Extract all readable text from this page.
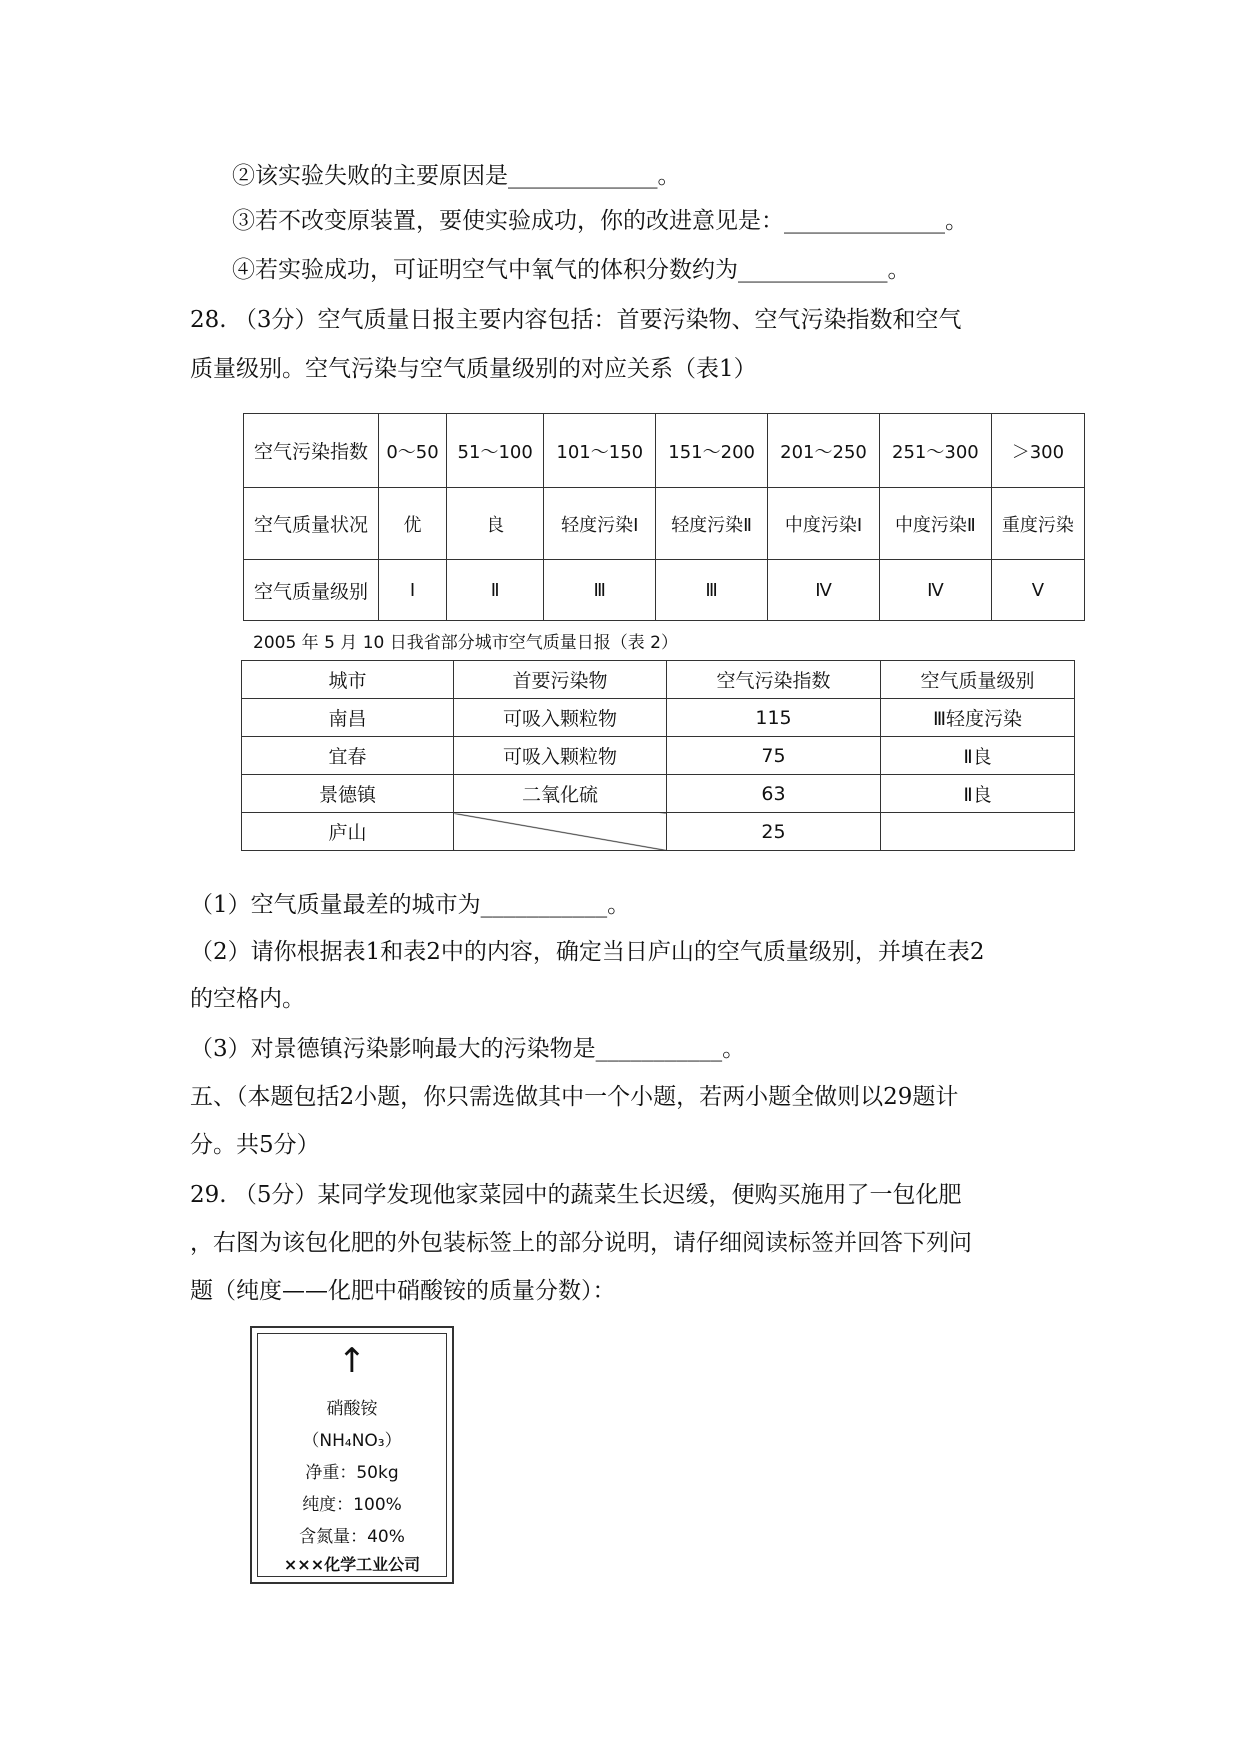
②该实验失败的主要原因是_____________。
③若不改变原装置，要使实验成功，你的改进意见是：______________。
④若实验成功，可证明空气中氧气的体积分数约为_____________。
28. （3分）空气质量日报主要内容包括：首要污染物、空气污染指数和空气
质量级别。空气污染与空气质量级别的对应关系（表1）
空气污染指数	0～50	51～100	101～150	151～200	201～250	251～300	＞300
空气质量状况	优	良	轻度污染Ⅰ	轻度污染Ⅱ	中度污染Ⅰ	中度污染Ⅱ	重度污染
空气质量级别	Ⅰ	Ⅱ	Ⅲ	Ⅲ	Ⅳ	Ⅳ	Ⅴ
2005 年 5 月 10 日我省部分城市空气质量日报（表 2）
城市	首要污染物	空气污染指数	空气质量级别
南昌	可吸入颗粒物	115	Ⅲ轻度污染
宜春	可吸入颗粒物	75	Ⅱ良
景德镇	二氧化硫	63	Ⅱ良
庐山		25	
（1）空气质量最差的城市为___________。
（2）请你根据表1和表2中的内容，确定当日庐山的空气质量级别，并填在表2
的空格内。
（3）对景德镇污染影响最大的污染物是___________。
五、（本题包括2小题，你只需选做其中一个小题，若两小题全做则以29题计
分。共5分）
29. （5分）某同学发现他家菜园中的蔬菜生长迟缓，便购买施用了一包化肥
，右图为该包化肥的外包装标签上的部分说明，请仔细阅读标签并回答下列问
题（纯度——化肥中硝酸铵的质量分数）：
↑
硝酸铵
（NH₄NO₃）
净重：50kg
纯度：100%
含氮量：40%
×××化学工业公司
